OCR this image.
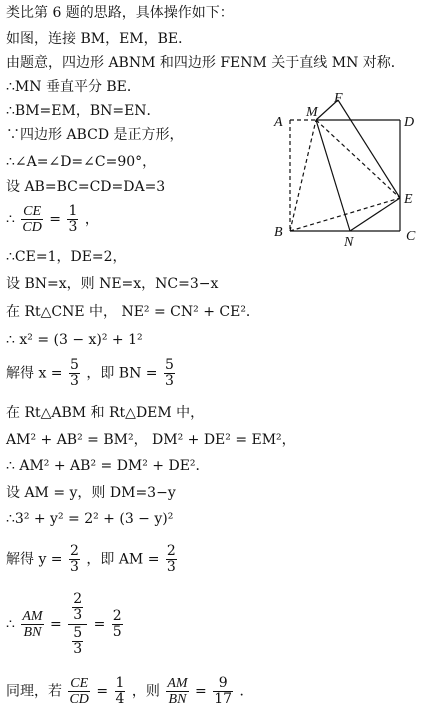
类比第 6 题的思路，具体操作如下：
如图，连接 BM，EM，BE．
由题意，四边形 ABNM 和四边形 FENM 关于直线 MN 对称．
∴MN 垂直平分 BE．
∴BM=EM，BN=EN．
∵四边形 ABCD 是正方形，
∴∠A=∠D=∠C=90°，
设 AB=BC=CD=DA=3
∴ $\frac{CE}{CD} = \frac{1}{3}$ ，
∴CE=1，DE=2，
设 BN=x，则 NE=x，NC=3−x
在 Rt△CNE 中， NE² = CN² + CE²．
∴ x² = (3 − x)² + 1²
解得 $x = \frac{5}{3}$ ，即 BN = $\frac{5}{3}$
在 Rt△ABM 和 Rt△DEM 中，
AM² + AB² = BM²， DM² + DE² = EM²，
∴ AM² + AB² = DM² + DE²．
设 AM = y，则 DM=3−y
∴3² + y² = 2² + (3 − y)²
解得 $y = \frac{2}{3}$ ，即 AM = $\frac{2}{3}$
∴ $\frac{AM}{BN} = \frac{\frac{2}{3}}{\frac{5}{3}} = \frac{2}{5}$
同理，若 $\frac{CE}{CD} = \frac{1}{4}$ ，则 $\frac{AM}{BN} = \frac{9}{17}$ ．
A
B	C
D
E
F
M
N
